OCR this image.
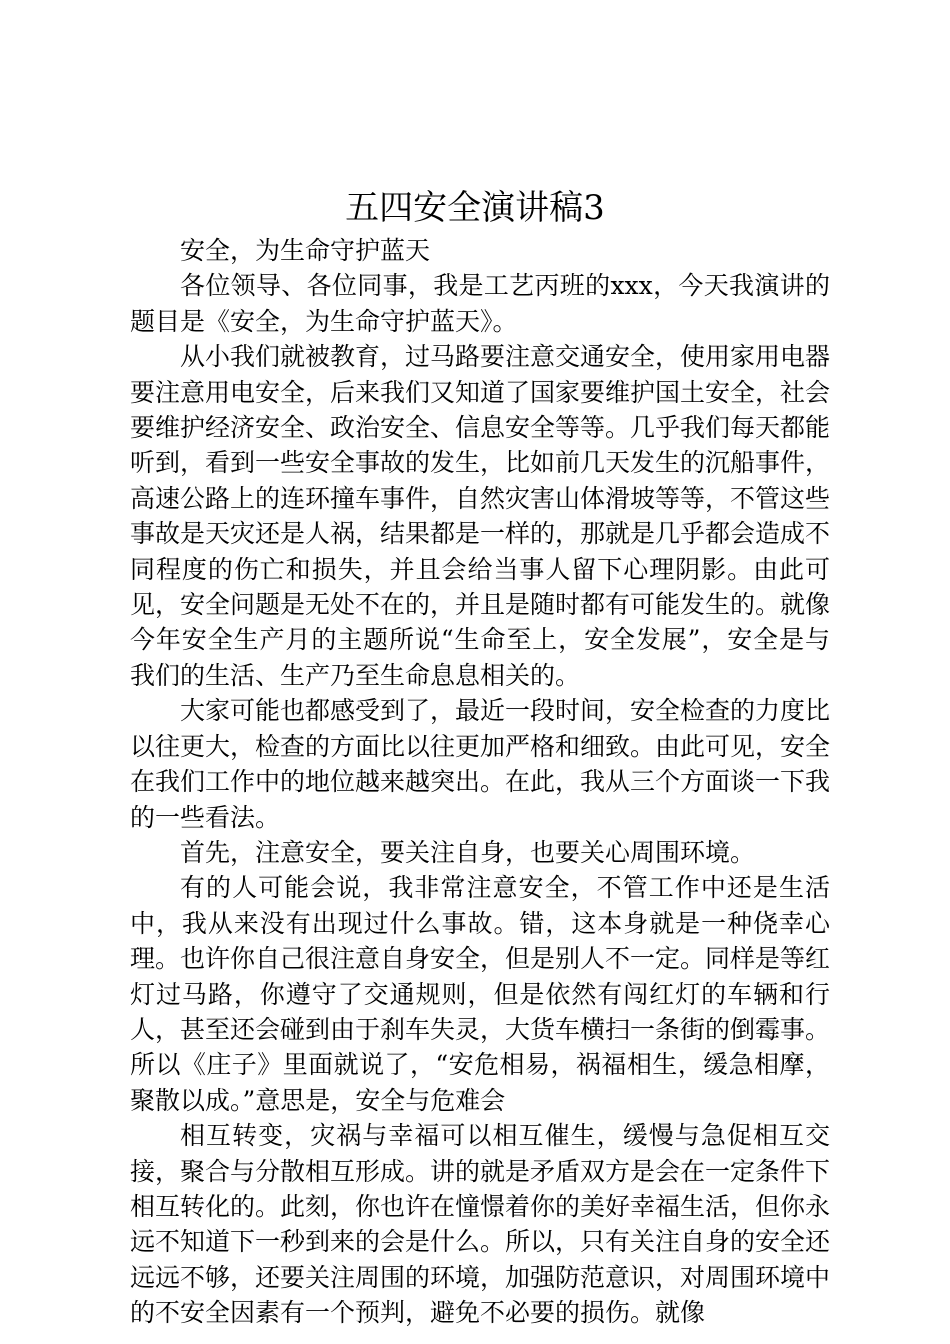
五四安全演讲稿3

安全，为生命守护蓝天

各位领导、各位同事，我是工艺丙班的xxx，今天我演讲的题目是《安全，为生命守护蓝天》。

从小我们就被教育，过马路要注意交通安全，使用家用电器要注意用电安全，后来我们又知道了国家要维护国土安全，社会要维护经济安全、政治安全、信息安全等等。几乎我们每天都能听到，看到一些安全事故的发生，比如前几天发生的沉船事件，高速公路上的连环撞车事件，自然灾害山体滑坡等等，不管这些事故是天灾还是人祸，结果都是一样的，那就是几乎都会造成不同程度的伤亡和损失，并且会给当事人留下心理阴影。由此可见，安全问题是无处不在的，并且是随时都有可能发生的。就像今年安全生产月的主题所说“生命至上，安全发展”，安全是与我们的生活、生产乃至生命息息相关的。

大家可能也都感受到了，最近一段时间，安全检查的力度比以往更大，检查的方面比以往更加严格和细致。由此可见，安全在我们工作中的地位越来越突出。在此，我从三个方面谈一下我的一些看法。

首先，注意安全，要关注自身，也要关心周围环境。

有的人可能会说，我非常注意安全，不管工作中还是生活中，我从来没有出现过什么事故。错，这本身就是一种侥幸心理。也许你自己很注意自身安全，但是别人不一定。同样是等红灯过马路，你遵守了交通规则，但是依然有闯红灯的车辆和行人，甚至还会碰到由于刹车失灵，大货车横扫一条街的倒霉事。所以《庄子》里面就说了，“安危相易，祸福相生，缓急相摩，聚散以成。”意思是，安全与危难会

相互转变，灾祸与幸福可以相互催生，缓慢与急促相互交接，聚合与分散相互形成。讲的就是矛盾双方是会在一定条件下相互转化的。此刻，你也许在憧憬着你的美好幸福生活，但你永远不知道下一秒到来的会是什么。所以，只有关注自身的安全还远远不够，还要关注周围的环境，加强防范意识，对周围环境中的不安全因素有一个预判，避免不必要的损伤。就像
